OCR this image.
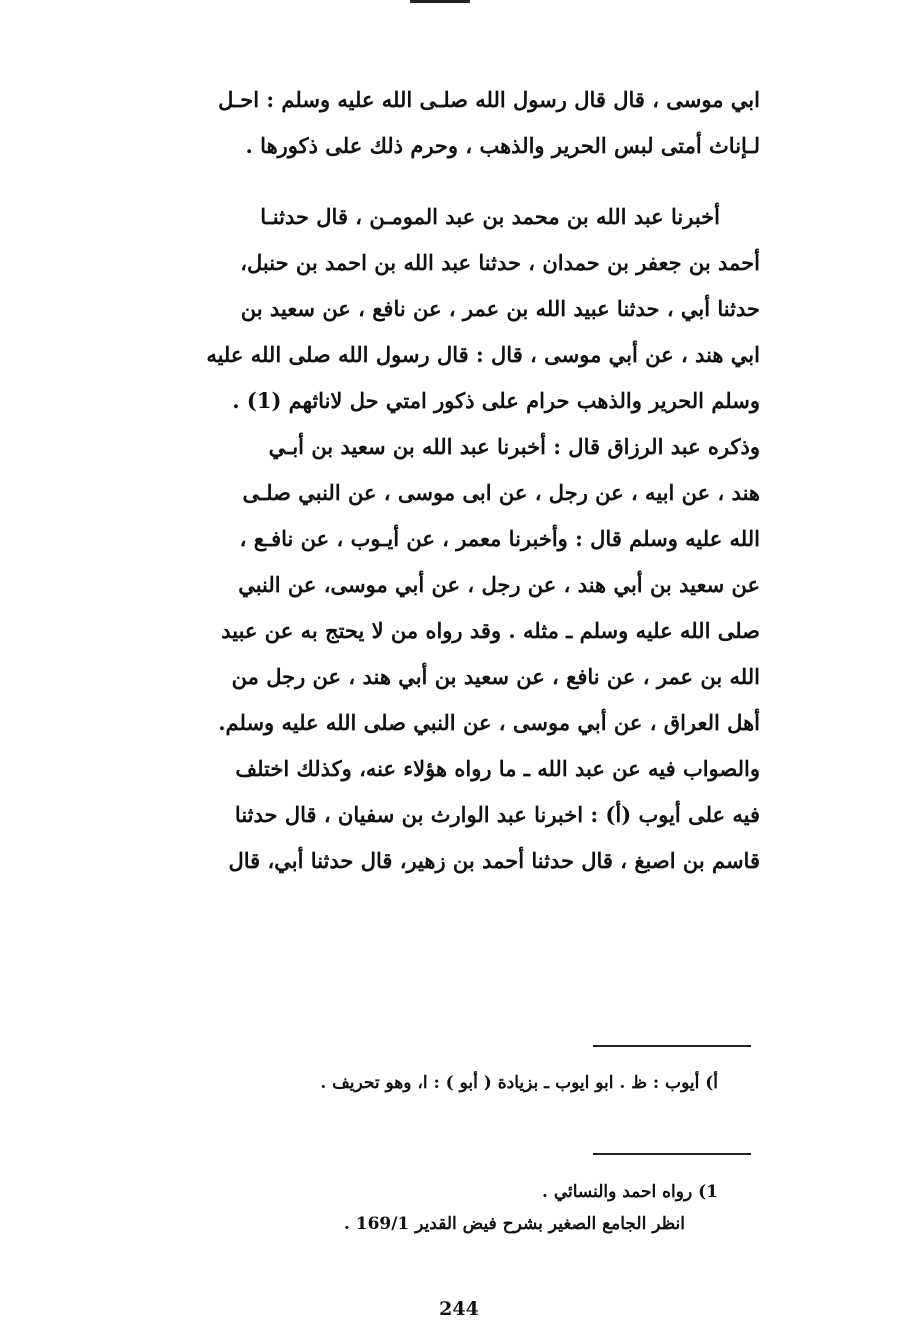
ابي موسى ، قال قال رسول الله صلـى الله عليه وسلم : احـل
لـإناث أمتى لبس الحرير والذهب ، وحرم ذلك على ذكورها .
أخبرنا عبد الله بن محمد بن عبد المومـن ، قال حدثنـا
أحمد بن جعفر بن حمدان ، حدثنا عبد الله بن احمد بن حنبل،
حدثنا أبي ، حدثنا عبيد الله بن عمر ، عن نافع ، عن سعيد بن
ابي هند ، عن أبي موسى ، قال : قال رسول الله صلى الله عليه
وسلم الحرير والذهب حرام على ذكور امتي حل لاناثهم (1) .
وذكره عبد الرزاق قال : أخبرنا عبد الله بن سعيد بن أبـي
هند ، عن ابيه ، عن رجل ، عن ابى موسى ، عن النبي صلـى
الله عليه وسلم قال : وأخبرنا معمر ، عن أيـوب ، عن نافـع ،
عن سعيد بن أبي هند ، عن رجل ، عن أبي موسى، عن النبي
صلى الله عليه وسلم ـ مثله . وقد رواه من لا يحتج به عن عبيد
الله بن عمر ، عن نافع ، عن سعيد بن أبي هند ، عن رجل من
أهل العراق ، عن أبي موسى ، عن النبي صلى الله عليه وسلم.
والصواب فيه عن عبد الله ـ ما رواه هؤلاء عنه، وكذلك اختلف
فيه على أيوب (أ) : اخبرنا عبد الوارث بن سفيان ، قال حدثنا
قاسم بن اصبغ ، قال حدثنا أحمد بن زهير، قال حدثنا أبي، قال
أ) أيوب : ظ . ابو ايوب ـ بزيادة ( أبو ) : ا، وهو تحريف .
1) رواه احمد والنسائي .
انظر الجامع الصغير بشرح فيض القدير 169/1 .
244
